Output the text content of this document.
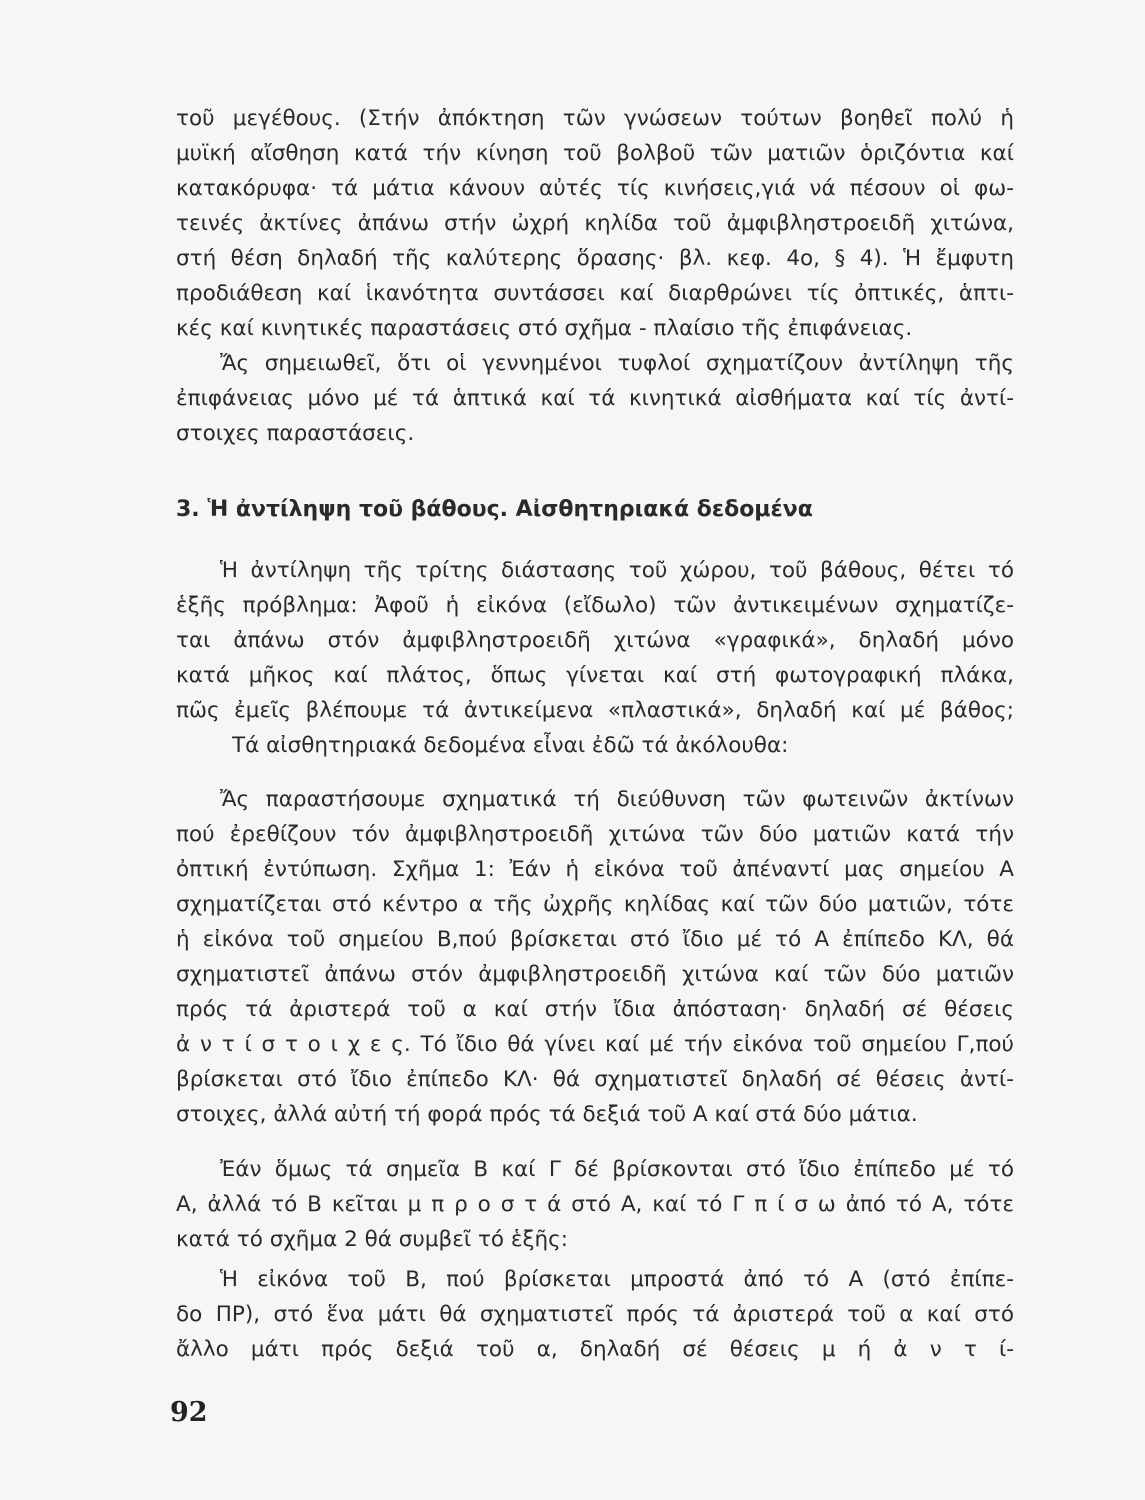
τοῦ μεγέθους. (Στήν ἀπόκτηση τῶν γνώσεων τούτων βοηθεῖ πολύ ἡ
μυϊκή αἴσθηση κατά τήν κίνηση τοῦ βολβοῦ τῶν ματιῶν ὁριζόντια καί
κατακόρυφα· τά μάτια κάνουν αὐτές τίς κινήσεις,γιά νά πέσουν οἱ φω-
τεινές ἀκτίνες ἀπάνω στήν ὠχρή κηλίδα τοῦ ἀμφιβληστροειδῆ χιτώνα,
στή θέση δηλαδή τῆς καλύτερης ὅρασης· βλ. κεφ. 4ο, § 4). Ἡ ἔμφυτη
προδιάθεση καί ἱκανότητα συντάσσει καί διαρθρώνει τίς ὀπτικές, ἁπτι-
κές καί κινητικές παραστάσεις στό σχῆμα - πλαίσιο τῆς ἐπιφάνειας.
Ἄς σημειωθεῖ, ὅτι οἱ γεννημένοι τυφλοί σχηματίζουν ἀντίληψη τῆς
ἐπιφάνειας μόνο μέ τά ἁπτικά καί τά κινητικά αἰσθήματα καί τίς ἀντί-
στοιχες παραστάσεις.
3. Ἡ ἀντίληψη τοῦ βάθους. Αἰσθητηριακά δεδομένα
Ἡ ἀντίληψη τῆς τρίτης διάστασης τοῦ χώρου, τοῦ βάθους, θέτει τό
ἑξῆς πρόβλημα: Ἀφοῦ ἡ εἰκόνα (εἴδωλο) τῶν ἀντικειμένων σχηματίζε-
ται ἀπάνω στόν ἀμφιβληστροειδῆ χιτώνα «γραφικά», δηλαδή μόνο
κατά μῆκος καί πλάτος, ὅπως γίνεται καί στή φωτογραφική πλάκα,
πῶς ἐμεῖς βλέπουμε τά ἀντικείμενα «πλαστικά», δηλαδή καί μέ βάθος;
Τά αἰσθητηριακά δεδομένα εἶναι ἐδῶ τά ἀκόλουθα:
Ἄς παραστήσουμε σχηματικά τή διεύθυνση τῶν φωτεινῶν ἀκτίνων
πού ἐρεθίζουν τόν ἀμφιβληστροειδῆ χιτώνα τῶν δύο ματιῶν κατά τήν
ὀπτική ἐντύπωση. Σχῆμα 1: Ἐάν ἡ εἰκόνα τοῦ ἀπέναντί μας σημείου Α
σχηματίζεται στό κέντρο α τῆς ὠχρῆς κηλίδας καί τῶν δύο ματιῶν, τότε
ἡ εἰκόνα τοῦ σημείου Β,πού βρίσκεται στό ἴδιο μέ τό Α ἐπίπεδο ΚΛ, θά
σχηματιστεῖ ἀπάνω στόν ἀμφιβληστροειδῆ χιτώνα καί τῶν δύο ματιῶν
πρός τά ἀριστερά τοῦ α καί στήν ἴδια ἀπόσταση· δηλαδή σέ θέσεις
ἀ ν τ ί σ τ ο ι χ ε ς. Τό ἴδιο θά γίνει καί μέ τήν εἰκόνα τοῦ σημείου Γ,πού
βρίσκεται στό ἴδιο ἐπίπεδο ΚΛ· θά σχηματιστεῖ δηλαδή σέ θέσεις ἀντί-
στοιχες, ἀλλά αὐτή τή φορά πρός τά δεξιά τοῦ Α καί στά δύο μάτια.
Ἐάν ὅμως τά σημεῖα Β καί Γ δέ βρίσκονται στό ἴδιο ἐπίπεδο μέ τό
Α, ἀλλά τό Β κεῖται μ π ρ ο σ τ ά στό Α, καί τό Γ π ί σ ω ἀπό τό Α, τότε
κατά τό σχῆμα 2 θά συμβεῖ τό ἑξῆς:
Ἡ εἰκόνα τοῦ Β, πού βρίσκεται μπροστά ἀπό τό Α (στό ἐπίπε-
δο ΠΡ), στό ἕνα μάτι θά σχηματιστεῖ πρός τά ἀριστερά τοῦ α καί στό
ἄλλο μάτι πρός δεξιά τοῦ α, δηλαδή σέ θέσεις μ ή ἀ ν τ ί-
92
